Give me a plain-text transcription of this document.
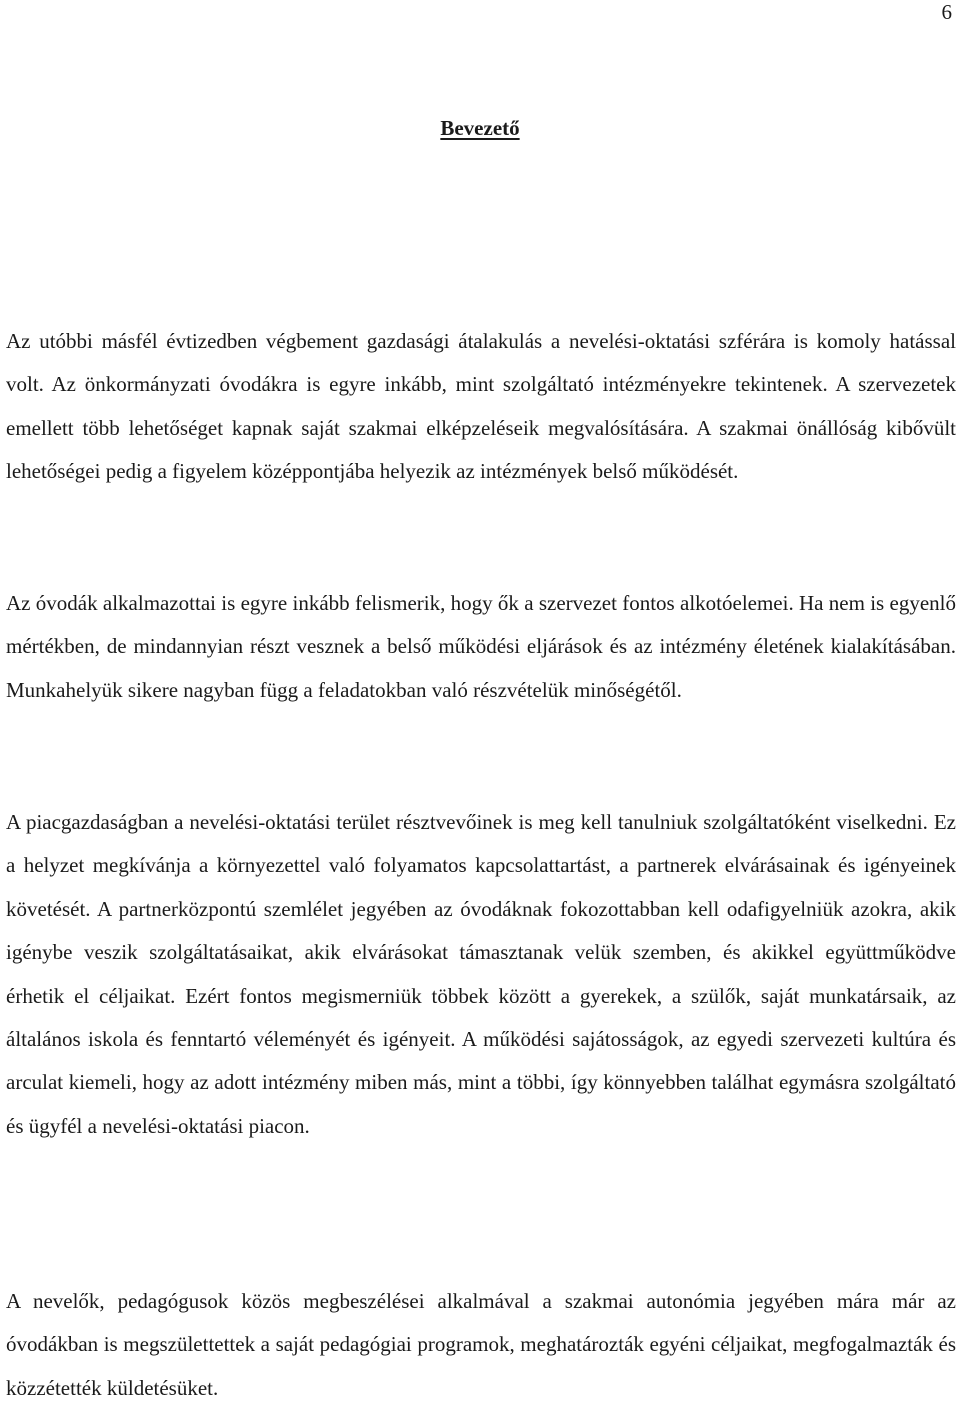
6
Bevezető

Az utóbbi másfél évtizedben végbement gazdasági átalakulás a nevelési-oktatási szférára is komoly hatással volt. Az önkormányzati óvodákra is egyre inkább, mint szolgáltató intézményekre tekintenek. A szervezetek emellett több lehetőséget kapnak saját szakmai elképzeléseik megvalósítására. A szakmai önállóság kibővült lehetőségei pedig a figyelem középpontjába helyezik az intézmények belső működését.

Az óvodák alkalmazottai is egyre inkább felismerik, hogy ők a szervezet fontos alkotóelemei. Ha nem is egyenlő mértékben, de mindannyian részt vesznek a belső működési eljárások és az intézmény életének kialakításában. Munkahelyük sikere nagyban függ a feladatokban való részvételük minőségétől.

A piacgazdaságban a nevelési-oktatási terület résztvevőinek is meg kell tanulniuk szolgáltatóként viselkedni. Ez a helyzet megkívánja a környezettel való folyamatos kapcsolattartást, a partnerek elvárásainak és igényeinek követését. A partnerközpontú szemlélet jegyében az óvodáknak fokozottabban kell odafigyelniük azokra, akik igénybe veszik szolgáltatásaikat, akik elvárásokat támasztanak velük szemben, és akikkel együttműködve érhetik el céljaikat. Ezért fontos megismerniük többek között a gyerekek, a szülők, saját munkatársaik, az általános iskola és fenntartó véleményét és igényeit. A működési sajátosságok, az egyedi szervezeti kultúra és arculat kiemeli, hogy az adott intézmény miben más, mint a többi, így könnyebben találhat egymásra szolgáltató és ügyfél a nevelési-oktatási piacon.

A nevelők, pedagógusok közös megbeszélései alkalmával a szakmai autonómia jegyében mára már az óvodákban is megszülettettek a saját pedagógiai programok, meghatározták egyéni céljaikat, megfogalmazták és közzétették küldetésüket.
